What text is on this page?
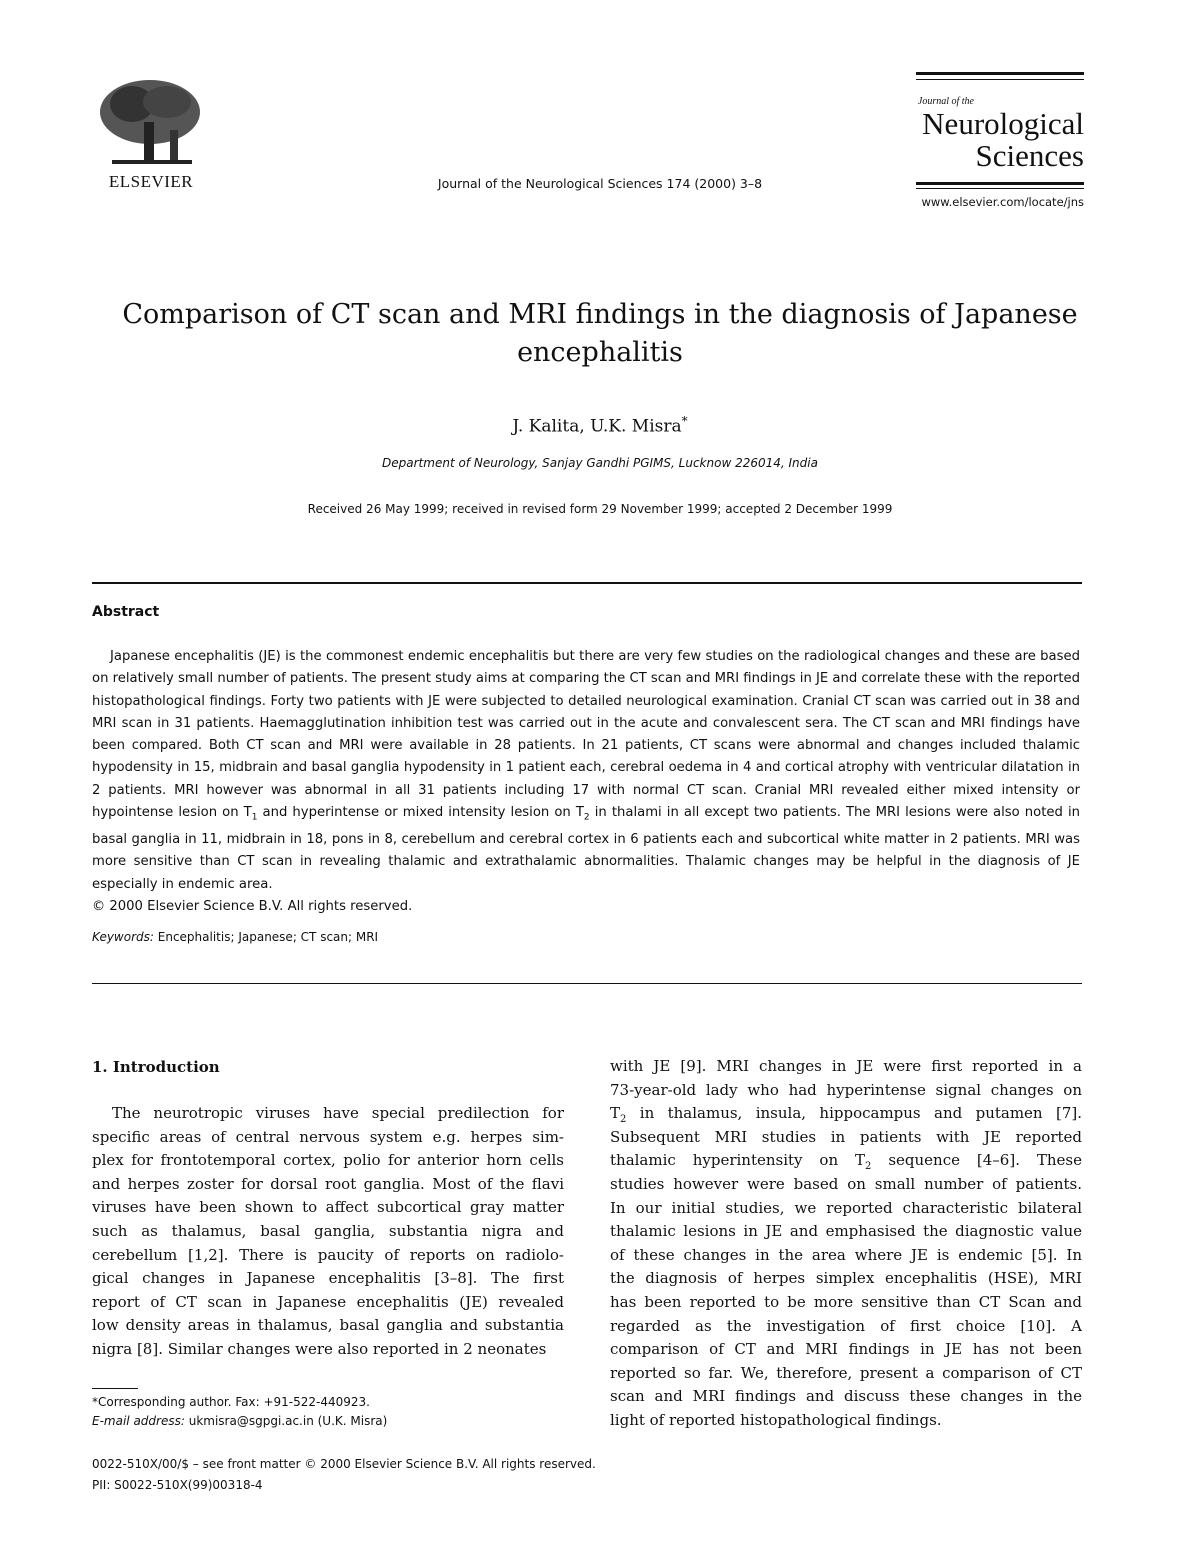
ELSEVIER	Journal of the Neurological Sciences 174 (2000) 3–8
Journal of the
Neurological
Sciences
www.elsevier.com/locate/jns
Comparison of CT scan and MRI findings in the diagnosis of Japanese encephalitis
J. Kalita, U.K. Misra*
Department of Neurology, Sanjay Gandhi PGIMS, Lucknow 226014, India
Received 26 May 1999; received in revised form 29 November 1999; accepted 2 December 1999
Abstract
Japanese encephalitis (JE) is the commonest endemic encephalitis but there are very few studies on the radiological changes and these are based on relatively small number of patients. The present study aims at comparing the CT scan and MRI findings in JE and correlate these with the reported histopathological findings. Forty two patients with JE were subjected to detailed neurological examination. Cranial CT scan was carried out in 38 and MRI scan in 31 patients. Haemagglutination inhibition test was carried out in the acute and convalescent sera. The CT scan and MRI findings have been compared. Both CT scan and MRI were available in 28 patients. In 21 patients, CT scans were abnormal and changes included thalamic hypodensity in 15, midbrain and basal ganglia hypodensity in 1 patient each, cerebral oedema in 4 and cortical atrophy with ventricular dilatation in 2 patients. MRI however was abnormal in all 31 patients including 17 with normal CT scan. Cranial MRI revealed either mixed intensity or hypointense lesion on $T_1$ and hyperintense or mixed intensity lesion on $T_2$ in thalami in all except two patients. The MRI lesions were also noted in basal ganglia in 11, midbrain in 18, pons in 8, cerebellum and cerebral cortex in 6 patients each and subcortical white matter in 2 patients. MRI was more sensitive than CT scan in revealing thalamic and extrathalamic abnormalities. Thalamic changes may be helpful in the diagnosis of JE especially in endemic area.
© 2000 Elsevier Science B.V. All rights reserved.
Keywords: Encephalitis; Japanese; CT scan; MRI
1. Introduction
The neurotropic viruses have special predilection for
specific areas of central nervous system e.g. herpes sim-
plex for frontotemporal cortex, polio for anterior horn cells
and herpes zoster for dorsal root ganglia. Most of the flavi
viruses have been shown to affect subcortical gray matter
such as thalamus, basal ganglia, substantia nigra and
cerebellum [1,2]. There is paucity of reports on radiolo-
gical changes in Japanese encephalitis [3–8]. The first
report of CT scan in Japanese encephalitis (JE) revealed
low density areas in thalamus, basal ganglia and substantia
nigra [8]. Similar changes were also reported in 2 neonates
with JE [9]. MRI changes in JE were first reported in a
73-year-old lady who had hyperintense signal changes on
$T_2$ in thalamus, insula, hippocampus and putamen [7].
Subsequent MRI studies in patients with JE reported
thalamic hyperintensity on $T_2$ sequence [4–6]. These
studies however were based on small number of patients.
In our initial studies, we reported characteristic bilateral
thalamic lesions in JE and emphasised the diagnostic value
of these changes in the area where JE is endemic [5]. In
the diagnosis of herpes simplex encephalitis (HSE), MRI
has been reported to be more sensitive than CT Scan and
regarded as the investigation of first choice [10]. A
comparison of CT and MRI findings in JE has not been
reported so far. We, therefore, present a comparison of CT
scan and MRI findings and discuss these changes in the
light of reported histopathological findings.
*Corresponding author. Fax: +91-522-440923.
E-mail address: ukmisra@sgpgi.ac.in (U.K. Misra)
0022-510X/00/$ – see front matter © 2000 Elsevier Science B.V. All rights reserved.
PII: S0022-510X(99)00318-4
